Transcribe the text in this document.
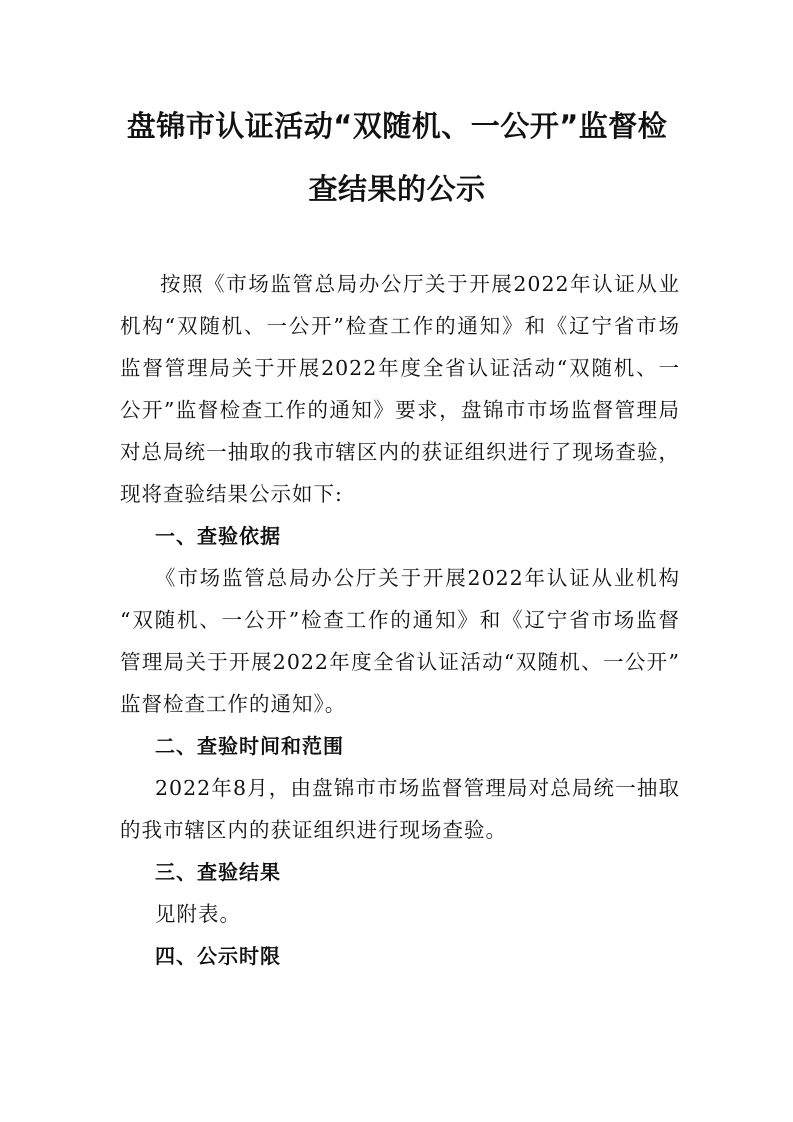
盘锦市认证活动“双随机、一公开”监督检
查结果的公示
按照《市场监管总局办公厅关于开展2022年认证从业
机构“双随机、一公开”检查工作的通知》和《辽宁省市场
监督管理局关于开展2022年度全省认证活动“双随机、一
公开”监督检查工作的通知》要求，盘锦市市场监督管理局
对总局统一抽取的我市辖区内的获证组织进行了现场查验，
现将查验结果公示如下:
一、查验依据
《市场监管总局办公厅关于开展2022年认证从业机构
“双随机、一公开”检查工作的通知》和《辽宁省市场监督
管理局关于开展2022年度全省认证活动“双随机、一公开”
监督检查工作的通知》。
二、查验时间和范围
2022年8月，由盘锦市市场监督管理局对总局统一抽取
的我市辖区内的获证组织进行现场查验。
三、查验结果
见附表。
四、公示时限
